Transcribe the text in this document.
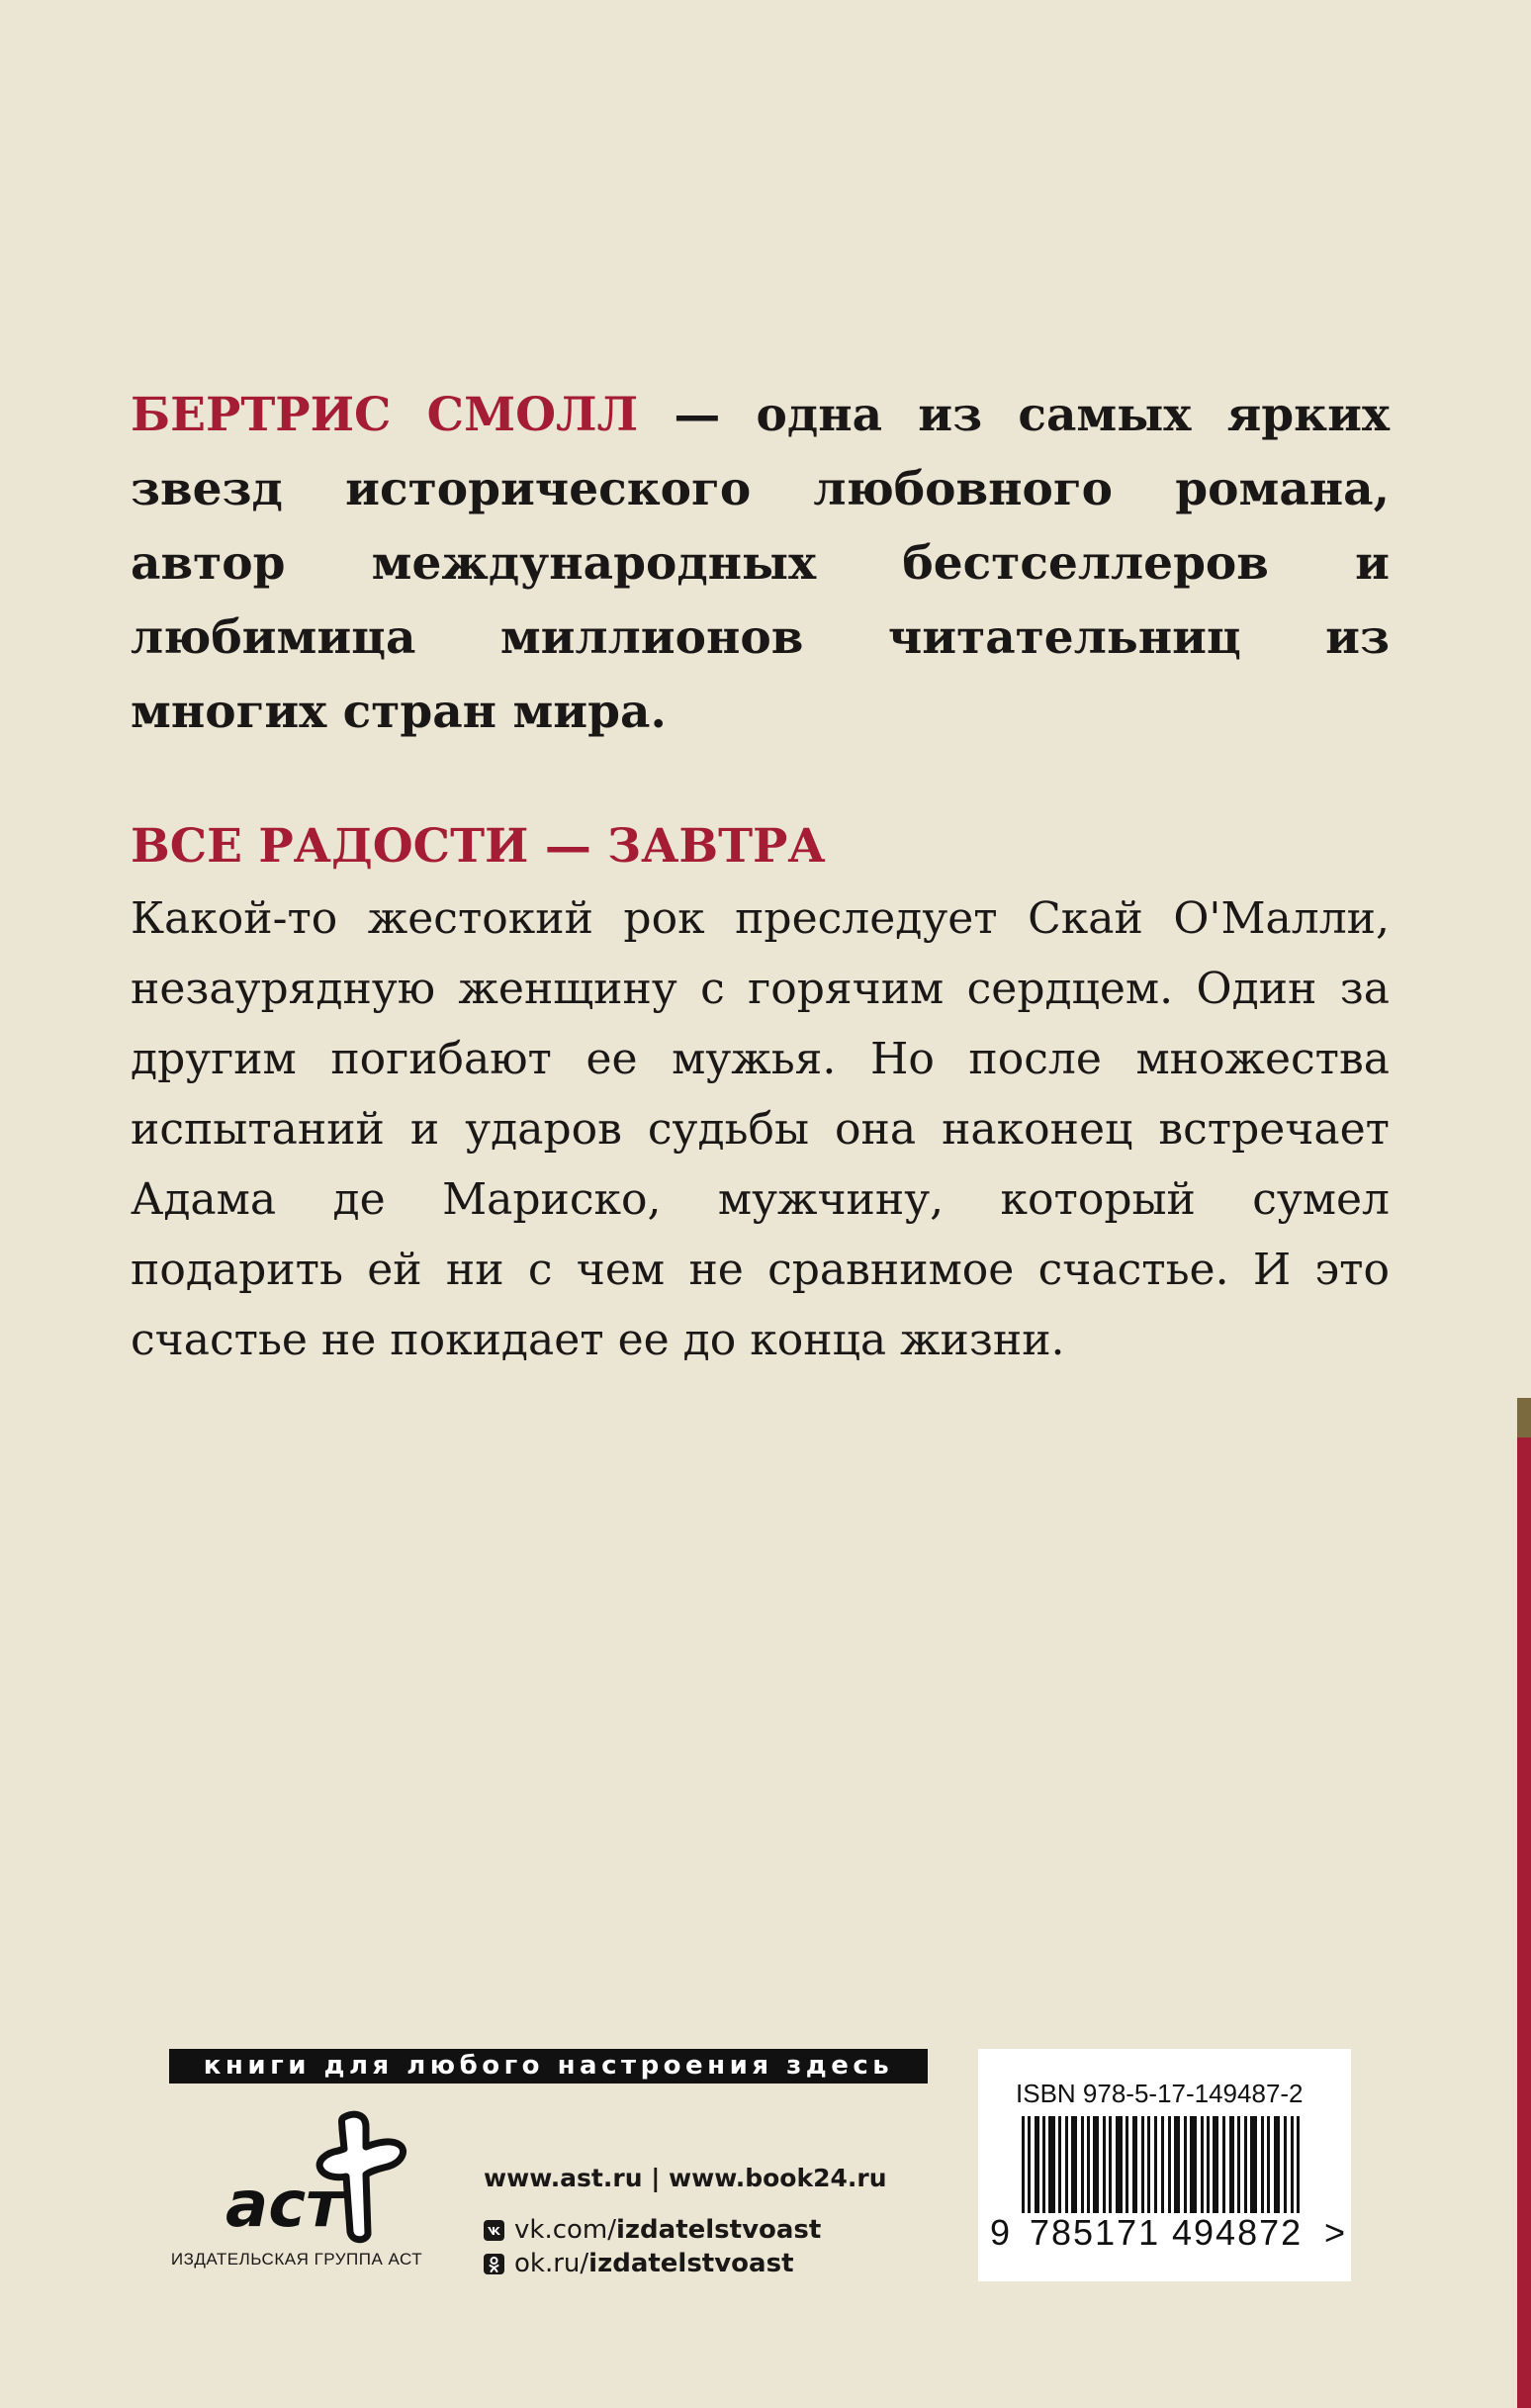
БЕРТРИС СМОЛЛ — одна из самых ярких звезд исторического любовного романа, автор международных бестселлеров и любимица миллионов читательниц из многих стран мира.
ВСЕ РАДОСТИ — ЗАВТРА
Какой-то жестокий рок преследует Скай О'Малли, незаурядную женщину с горячим сердцем. Один за другим погибают ее мужья. Но после множества испытаний и ударов судьбы она наконец встречает Адама де Мариско, мужчину, который сумел подарить ей ни с чем не сравнимое счастье. И это счастье не покидает ее до конца жизни.
книги для любого настроения здесь
аст
ИЗДАТЕЛЬСКАЯ ГРУППА АСТ
www.ast.ru | www.book24.ru
vk.com/ izdatelstvoast
ok.ru/ izdatelstvoast
ISBN 978-5-17-149487-2
9 785171 494872 >
